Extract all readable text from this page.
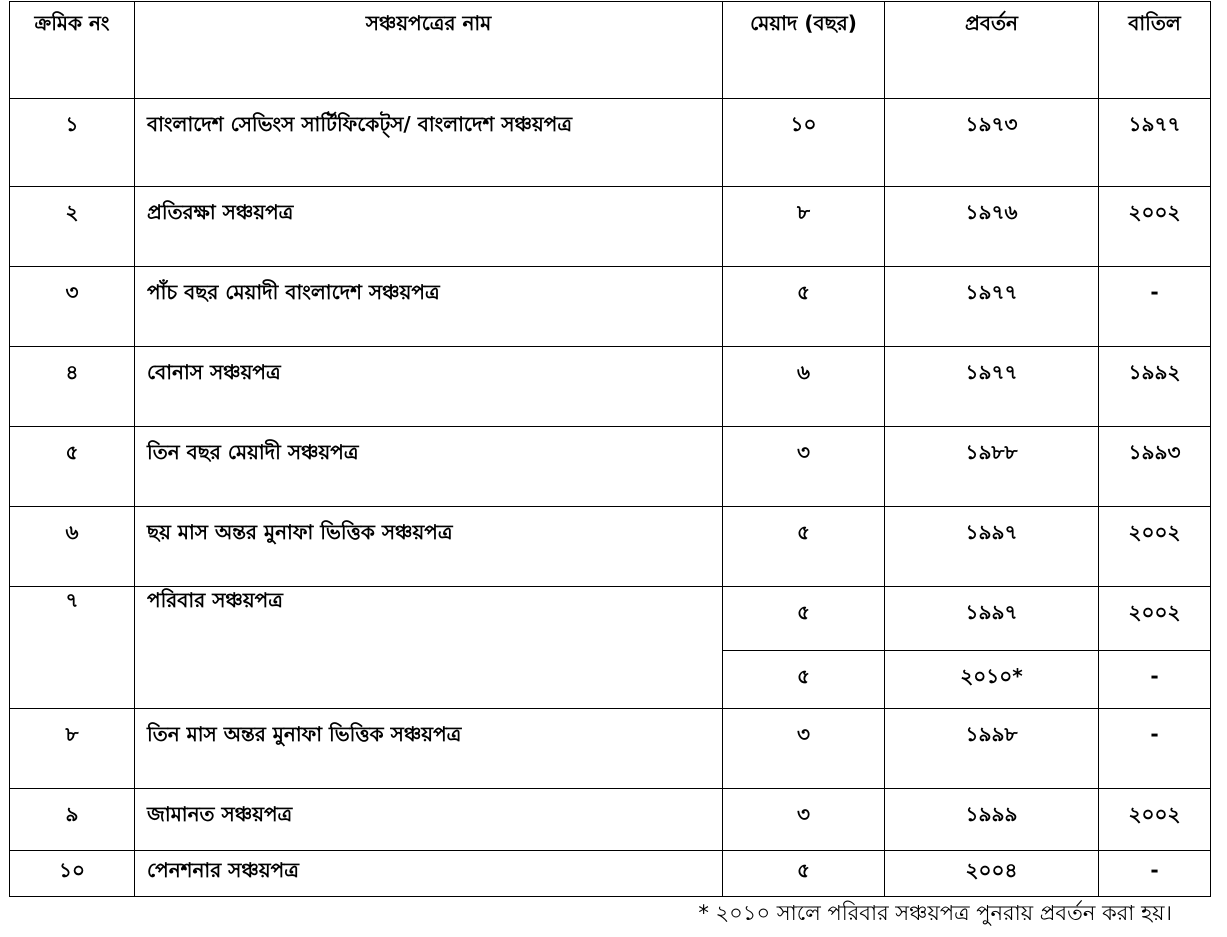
ক্রমিক নং	সঞ্চয়পত্রের নাম	মেয়াদ (বছর)	প্রবর্তন	বাতিল
১	বাংলাদেশ সেভিংস সার্টিফিকেট্স/ বাংলাদেশ সঞ্চয়পত্র	১০	১৯৭৩	১৯৭৭
২	প্রতিরক্ষা সঞ্চয়পত্র	৮	১৯৭৬	২০০২
৩	পাঁচ বছর মেয়াদী বাংলাদেশ সঞ্চয়পত্র	৫	১৯৭৭	-
৪	বোনাস সঞ্চয়পত্র	৬	১৯৭৭	১৯৯২
৫	তিন বছর মেয়াদী সঞ্চয়পত্র	৩	১৯৮৮	১৯৯৩
৬	ছয় মাস অন্তর মুনাফা ভিত্তিক সঞ্চয়পত্র	৫	১৯৯৭	২০০২
৭	পরিবার সঞ্চয়পত্র	৫	১৯৯৭	২০০২
		৫	২০১০*	-
৮	তিন মাস অন্তর মুনাফা ভিত্তিক সঞ্চয়পত্র	৩	১৯৯৮	-
৯	জামানত সঞ্চয়পত্র	৩	১৯৯৯	২০০২
১০	পেনশনার সঞ্চয়পত্র	৫	২০০৪	-
* ২০১০ সালে পরিবার সঞ্চয়পত্র পুনরায় প্রবর্তন করা হয়।
